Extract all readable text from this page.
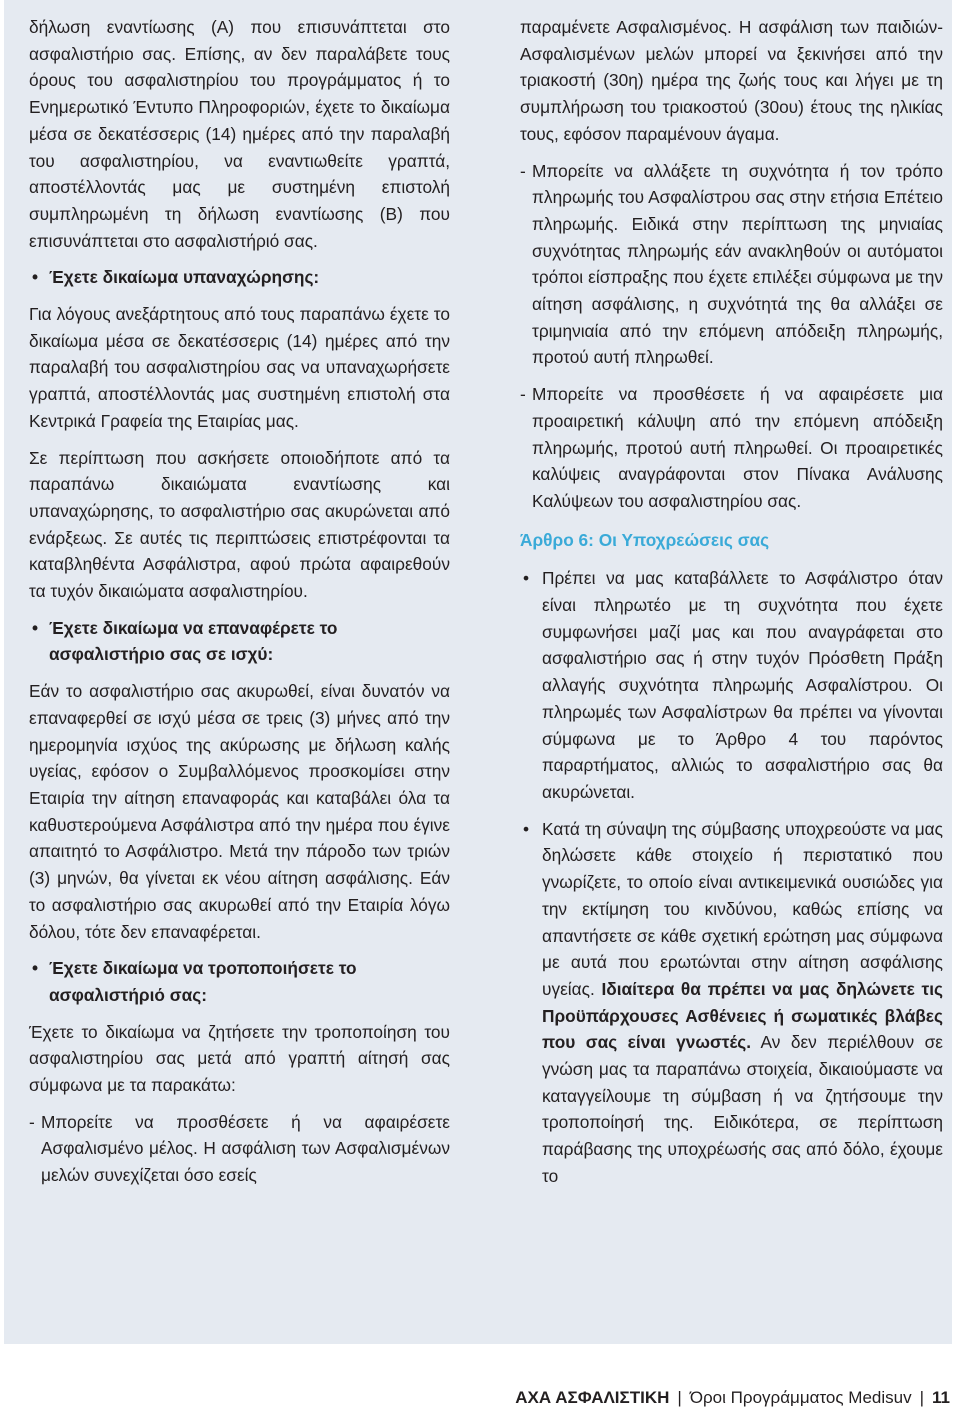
δήλωση εναντίωσης (Α) που επισυνάπτεται στο ασφαλιστήριο σας. Επίσης, αν δεν παραλάβετε τους όρους του ασφαλιστηρίου του προγράμματος ή το Ενημερωτικό Έντυπο Πληροφοριών, έχετε το δικαίωμα μέσα σε δεκατέσσερις (14) ημέρες από την παραλαβή του ασφαλιστηρίου, να εναντιωθείτε γραπτά, αποστέλλοντάς μας με συστημένη επιστολή συμπληρωμένη τη δήλωση εναντίωσης (Β) που επισυνάπτεται στο ασφαλιστήριό σας.

• Έχετε δικαίωμα υπαναχώρησης:

Για λόγους ανεξάρτητους από τους παραπάνω έχετε το δικαίωμα μέσα σε δεκατέσσερις (14) ημέρες από την παραλαβή του ασφαλιστηρίου σας να υπαναχωρήσετε γραπτά, αποστέλλοντάς μας συστημένη επιστολή στα Κεντρικά Γραφεία της Εταιρίας μας.

Σε περίπτωση που ασκήσετε οποιοδήποτε από τα παραπάνω δικαιώματα εναντίωσης και υπαναχώρησης, το ασφαλιστήριο σας ακυρώνεται από ενάρξεως. Σε αυτές τις περιπτώσεις επιστρέφονται τα καταβληθέντα Ασφάλιστρα, αφού πρώτα αφαιρεθούν τα τυχόν δικαιώματα ασφαλιστηρίου.

• Έχετε δικαίωμα να επαναφέρετε το ασφαλιστήριο σας σε ισχύ:

Εάν το ασφαλιστήριο σας ακυρωθεί, είναι δυνατόν να επαναφερθεί σε ισχύ μέσα σε τρεις (3) μήνες από την ημερομηνία ισχύος της ακύρωσης με δήλωση καλής υγείας, εφόσον ο Συμβαλλόμενος προσκομίσει στην Εταιρία την αίτηση επαναφοράς και καταβάλει όλα τα καθυστερούμενα Ασφάλιστρα από την ημέρα που έγινε απαιτητό το Ασφάλιστρο. Μετά την πάροδο των τριών (3) μηνών, θα γίνεται εκ νέου αίτηση ασφάλισης. Εάν το ασφαλιστήριο σας ακυρωθεί από την Εταιρία λόγω δόλου, τότε δεν επαναφέρεται.

• Έχετε δικαίωμα να τροποποιήσετε το ασφαλιστήριό σας:

Έχετε το δικαίωμα να ζητήσετε την τροποποίηση του ασφαλιστηρίου σας μετά από γραπτή αίτησή σας σύμφωνα με τα παρακάτω:

- Μπορείτε να προσθέσετε ή να αφαιρέσετε Ασφαλισμένο μέλος. Η ασφάλιση των Ασφαλισμένων μελών συνεχίζεται όσο εσείς

παραμένετε Ασφαλισμένος. Η ασφάλιση των παιδιών-Ασφαλισμένων μελών μπορεί να ξεκινήσει από την τριακοστή (30η) ημέρα της ζωής τους και λήγει με τη συμπλήρωση του τριακοστού (30ου) έτους της ηλικίας τους, εφόσον παραμένουν άγαμα.

- Μπορείτε να αλλάξετε τη συχνότητα ή τον τρόπο πληρωμής του Ασφαλίστρου σας στην ετήσια Επέτειο πληρωμής. Ειδικά στην περίπτωση της μηνιαίας συχνότητας πληρωμής εάν ανακληθούν οι αυτόματοι τρόποι είσπραξης που έχετε επιλέξει σύμφωνα με την αίτηση ασφάλισης, η συχνότητά της θα αλλάξει σε τριμηνιαία από την επόμενη απόδειξη πληρωμής, προτού αυτή πληρωθεί.
- Μπορείτε να προσθέσετε ή να αφαιρέσετε μια προαιρετική κάλυψη από την επόμενη απόδειξη πληρωμής, προτού αυτή πληρωθεί. Οι προαιρετικές καλύψεις αναγράφονται στον Πίνακα Ανάλυσης Καλύψεων του ασφαλιστηρίου σας.
Άρθρο 6: Οι Υποχρεώσεις σας
• Πρέπει να μας καταβάλλετε το Ασφάλιστρο όταν είναι πληρωτέο με τη συχνότητα που έχετε συμφωνήσει μαζί μας και που αναγράφεται στο ασφαλιστήριο σας ή στην τυχόν Πρόσθετη Πράξη αλλαγής συχνότητα πληρωμής Ασφαλίστρου. Οι πληρωμές των Ασφαλίστρων θα πρέπει να γίνονται σύμφωνα με το Άρθρο 4 του παρόντος παραρτήματος, αλλιώς το ασφαλιστήριο σας θα ακυρώνεται.
• Κατά τη σύναψη της σύμβασης υποχρεούστε να μας δηλώσετε κάθε στοιχείο ή περιστατικό που γνωρίζετε, το οποίο είναι αντικειμενικά ουσιώδες για την εκτίμηση του κινδύνου, καθώς επίσης να απαντήσετε σε κάθε σχετική ερώτηση μας σύμφωνα με αυτά που ερωτώνται στην αίτηση ασφάλισης υγείας. Ιδιαίτερα θα πρέπει να μας δηλώνετε τις Προϋπάρχουσες Ασθένειες ή σωματικές βλάβες που σας είναι γνωστές. Αν δεν περιέλθουν σε γνώση μας τα παραπάνω στοιχεία, δικαιούμαστε να καταγγείλουμε τη σύμβαση ή να ζητήσουμε την τροποποίησή της. Ειδικότερα, σε περίπτωση παράβασης της υποχρέωσής σας από δόλο, έχουμε το
ΑΧΑ ΑΣΦΑΛΙΣΤΙΚΗ | Όροι Προγράμματος Medisuv | 11
